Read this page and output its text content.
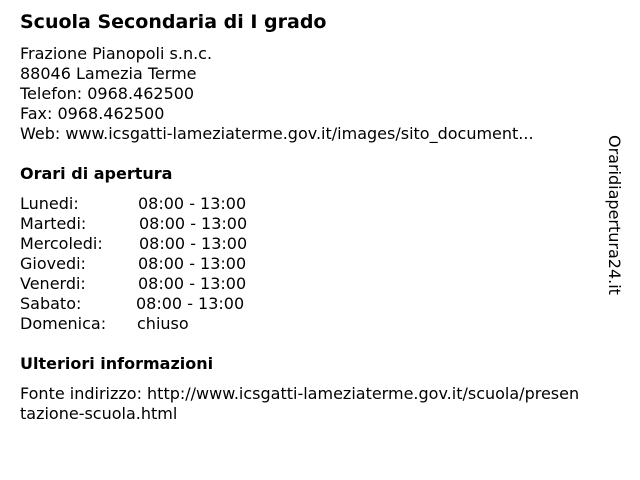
Scuola Secondaria di I grado
Frazione Pianopoli s.n.c.
88046 Lamezia Terme
Telefon: 0968.462500
Fax: 0968.462500
Web: www.icsgatti-lameziaterme.gov.it/images/sito_document...
Orari di apertura
Lunedi:	08:00 - 13:00
Martedi:	08:00 - 13:00
Mercoledi: 08:00 - 13:00
Giovedi:	08:00 - 13:00
Venerdi:	08:00 - 13:00
Sabato:	08:00 - 13:00
Domenica: chiuso
Ulteriori informazioni
Fonte indirizzo: http://www.icsgatti-lameziaterme.gov.it/scuola/presentazione-scuola.html
Oraridiapertura24.it
